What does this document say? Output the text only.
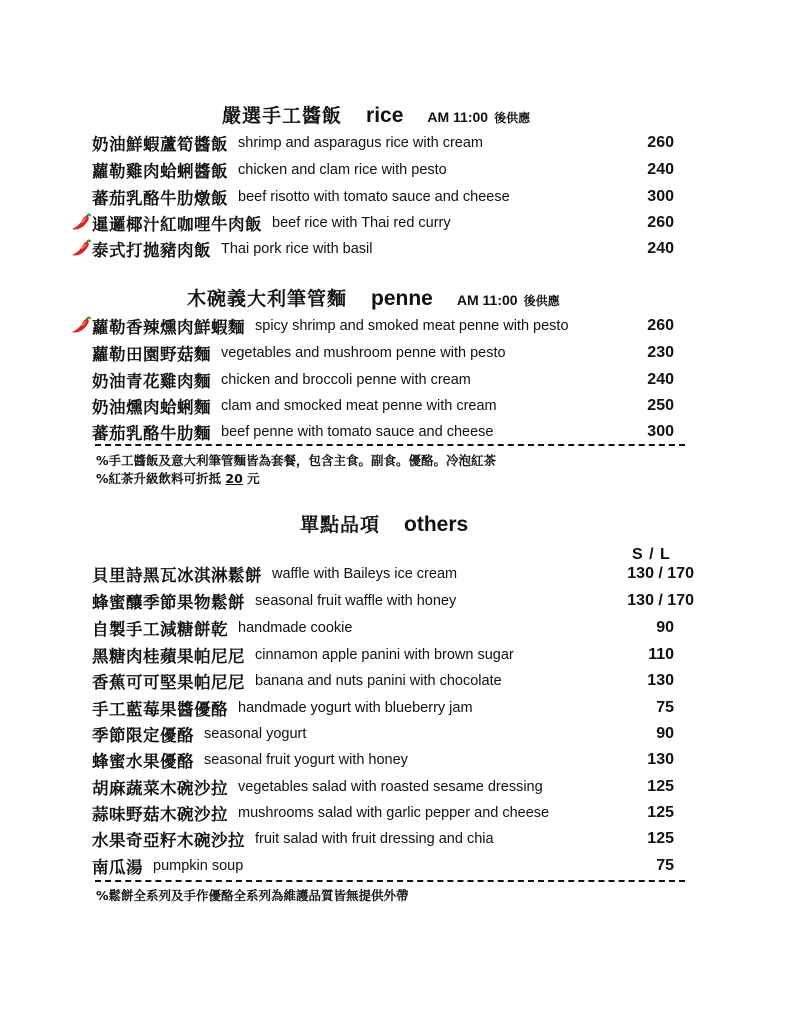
嚴選手工醬飯 rice AM 11:00 後供應
奶油鮮蝦蘆筍醬飯 shrimp and asparagus rice with cream	260
蘿勒雞肉蛤蜊醬飯 chicken and clam rice with pesto	240
蕃茄乳酪牛肋燉飯 beef risotto with tomato sauce and cheese	300
暹邏椰汁紅咖哩牛肉飯 beef rice with Thai red curry	260
泰式打拋豬肉飯 Thai pork rice with basil	240
木碗義大利筆管麵 penne AM 11:00 後供應
蘿勒香辣燻肉鮮蝦麵 spicy shrimp and smoked meat penne with pesto	260
蘿勒田園野菇麵 vegetables and mushroom penne with pesto	230
奶油青花雞肉麵 chicken and broccoli penne with cream	240
奶油燻肉蛤蜊麵 clam and smocked meat penne with cream	250
蕃茄乳酪牛肋麵 beef penne with tomato sauce and cheese	300
%手工醬飯及意大利筆管麵皆為套餐，包含主食。副食。優酪。冷泡紅茶
%紅茶升級飲料可折抵 20 元
單點品項 others
S / L
貝里詩黑瓦冰淇淋鬆餅 waffle with Baileys ice cream	130 / 170
蜂蜜釀季節果物鬆餅 seasonal fruit waffle with honey	130 / 170
自製手工減糖餅乾 handmade cookie	90
黑糖肉桂蘋果帕尼尼 cinnamon apple panini with brown sugar	110
香蕉可可堅果帕尼尼 banana and nuts panini with chocolate	130
手工藍莓果醬優酪 handmade yogurt with blueberry jam	75
季節限定優酪 seasonal yogurt	90
蜂蜜水果優酪 seasonal fruit yogurt with honey	130
胡麻蔬菜木碗沙拉 vegetables salad with roasted sesame dressing	125
蒜味野菇木碗沙拉 mushrooms salad with garlic pepper and cheese	125
水果奇亞籽木碗沙拉 fruit salad with fruit dressing and chia	125
南瓜湯 pumpkin soup	75
%鬆餅全系列及手作優酪全系列為維護品質皆無提供外帶
